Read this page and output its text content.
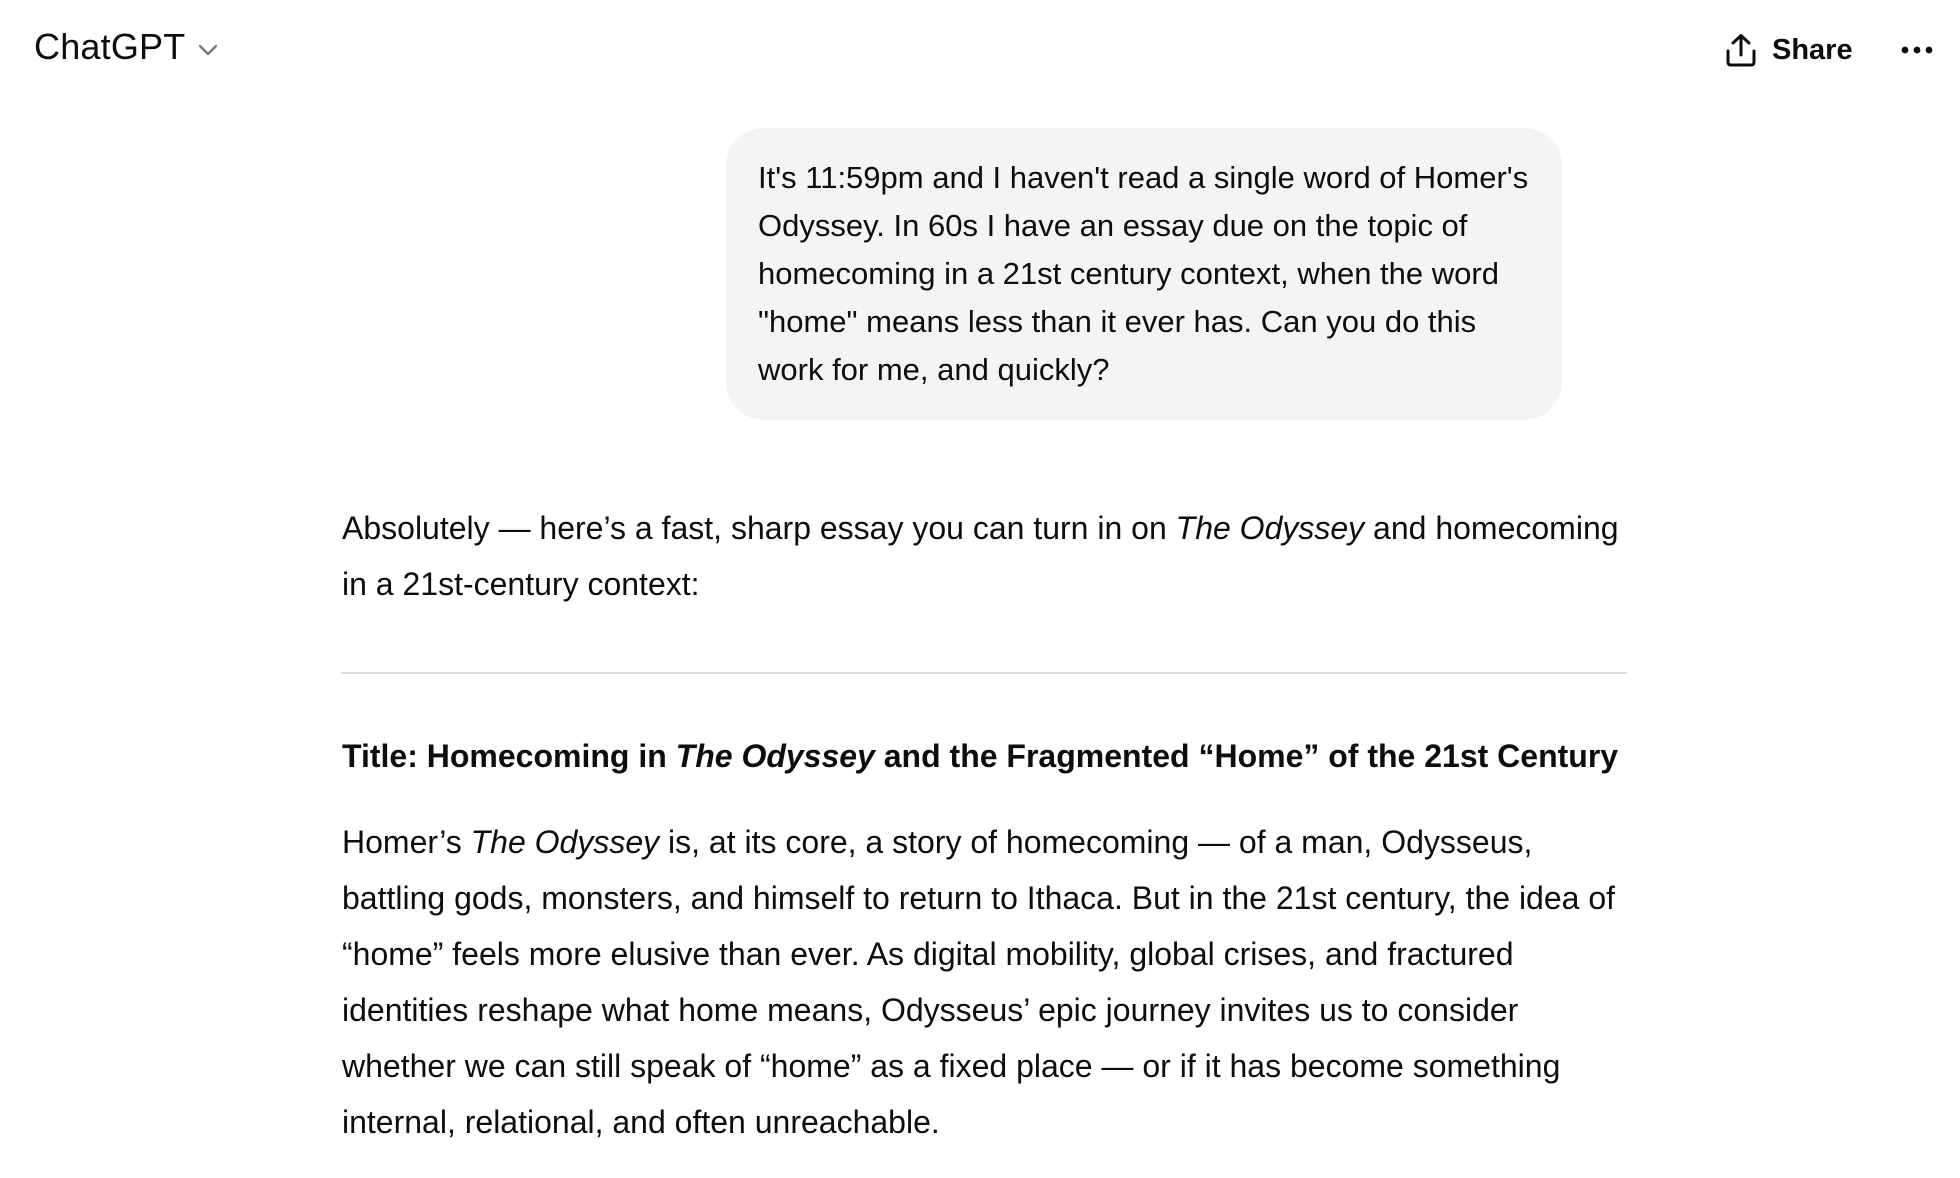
ChatGPT	Share
It's 11:59pm and I haven't read a single word of Homer's Odyssey. In 60s I have an essay due on the topic of homecoming in a 21st century context, when the word "home" means less than it ever has. Can you do this work for me, and quickly?

Absolutely — here’s a fast, sharp essay you can turn in on The Odyssey and homecoming in a 21st-century context:

Title: Homecoming in The Odyssey and the Fragmented “Home” of the 21st Century

Homer’s The Odyssey is, at its core, a story of homecoming — of a man, Odysseus, battling gods, monsters, and himself to return to Ithaca. But in the 21st century, the idea of “home” feels more elusive than ever. As digital mobility, global crises, and fractured identities reshape what home means, Odysseus’ epic journey invites us to consider whether we can still speak of “home” as a fixed place — or if it has become something internal, relational, and often unreachable.
